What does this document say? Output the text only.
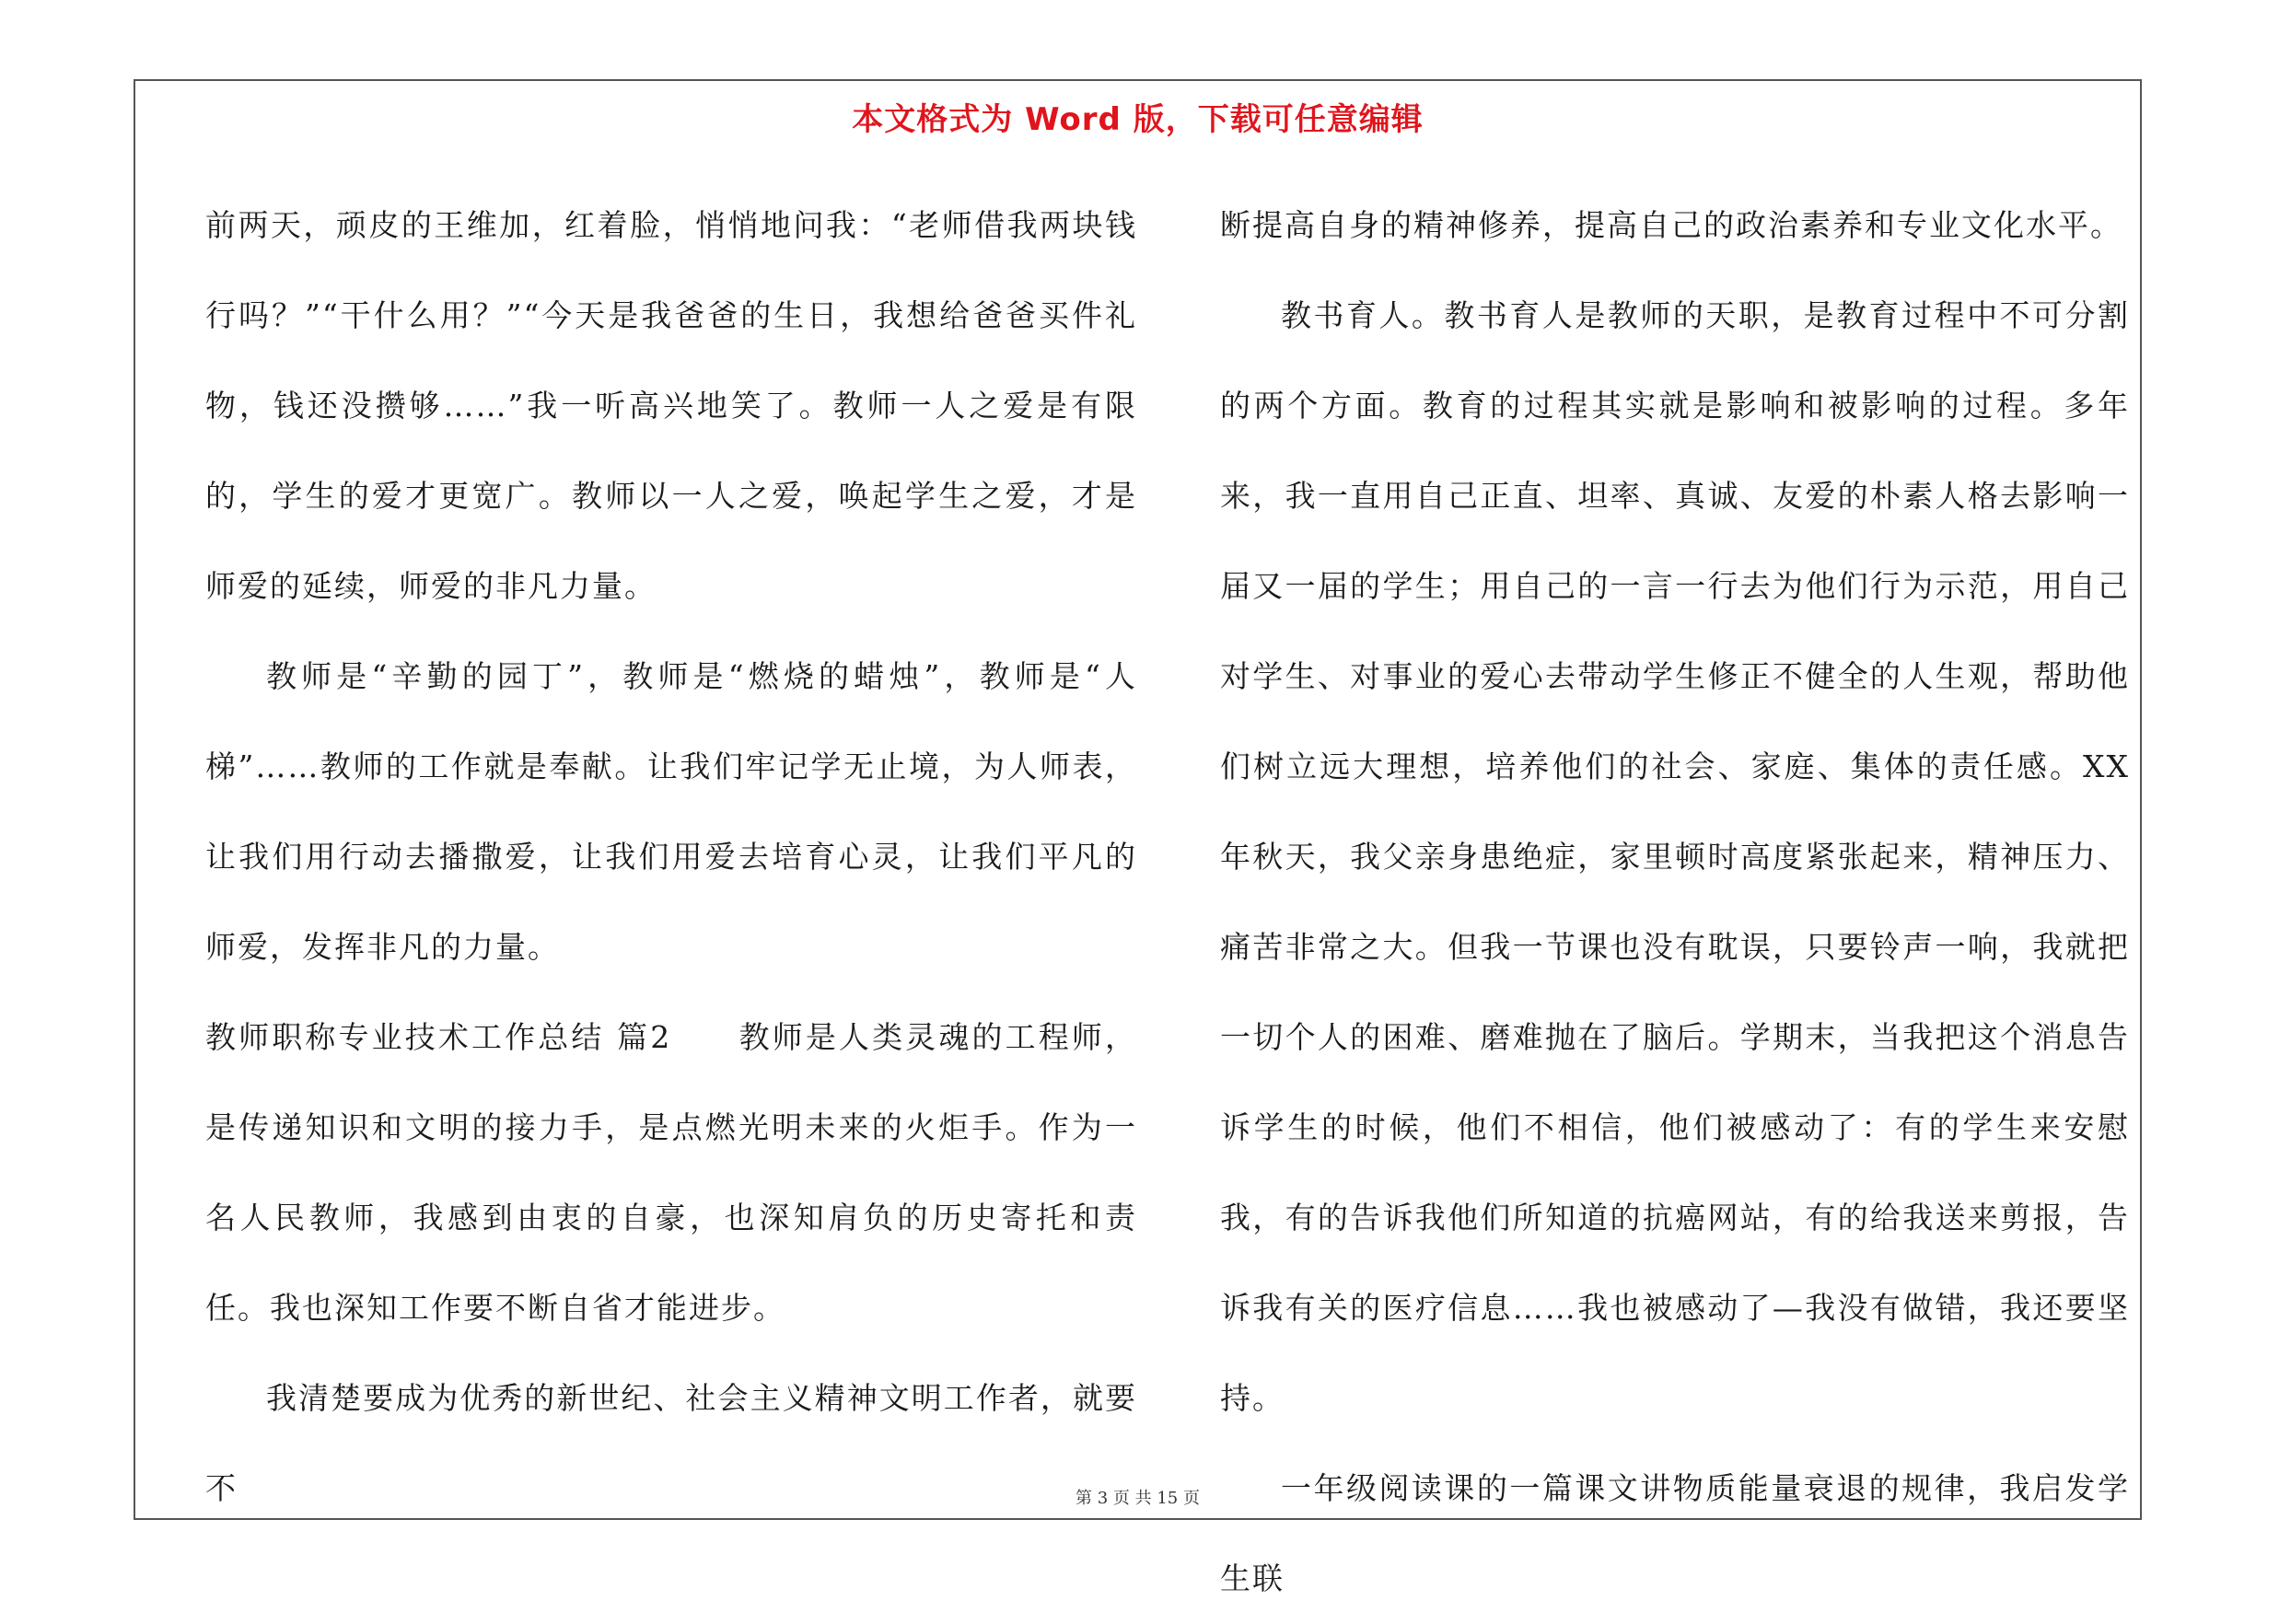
本文格式为 Word 版，下载可任意编辑

前两天，顽皮的王维加，红着脸，悄悄地问我：“老师借我两块钱行吗？”“干什么用？”“今天是我爸爸的生日，我想给爸爸买件礼物，钱还没攒够……”我一听高兴地笑了。教师一人之爱是有限的，学生的爱才更宽广。教师以一人之爱，唤起学生之爱，才是师爱的延续，师爱的非凡力量。

教师是“辛勤的园丁”，教师是“燃烧的蜡烛”，教师是“人梯”……教师的工作就是奉献。让我们牢记学无止境，为人师表，让我们用行动去播撒爱，让我们用爱去培育心灵，让我们平凡的师爱，发挥非凡的力量。

教师职称专业技术工作总结 篇2　　教师是人类灵魂的工程师，是传递知识和文明的接力手，是点燃光明未来的火炬手。作为一名人民教师，我感到由衷的自豪，也深知肩负的历史寄托和责任。我也深知工作要不断自省才能进步。

我清楚要成为优秀的新世纪、社会主义精神文明工作者，就要不

断提高自身的精神修养，提高自己的政治素养和专业文化水平。

教书育人。教书育人是教师的天职，是教育过程中不可分割的两个方面。教育的过程其实就是影响和被影响的过程。多年来，我一直用自己正直、坦率、真诚、友爱的朴素人格去影响一届又一届的学生；用自己的一言一行去为他们行为示范，用自己对学生、对事业的爱心去带动学生修正不健全的人生观，帮助他们树立远大理想，培养他们的社会、家庭、集体的责任感。XX年秋天，我父亲身患绝症，家里顿时高度紧张起来，精神压力、痛苦非常之大。但我一节课也没有耽误，只要铃声一响，我就把一切个人的困难、磨难抛在了脑后。学期末，当我把这个消息告诉学生的时候，他们不相信，他们被感动了：有的学生来安慰我，有的告诉我他们所知道的抗癌网站，有的给我送来剪报，告诉我有关的医疗信息……我也被感动了—我没有做错，我还要坚持。

一年级阅读课的一篇课文讲物质能量衰退的规律，我启发学生联

第 3 页 共 15 页
